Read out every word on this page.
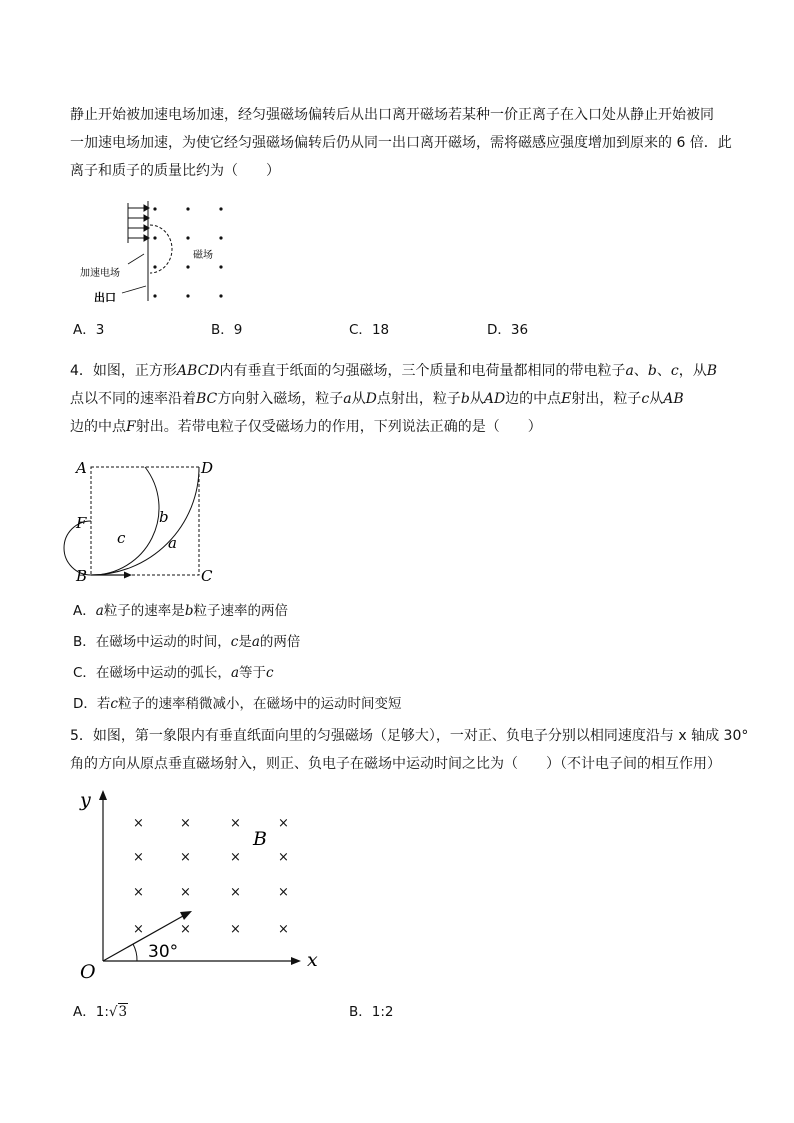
静止开始被加速电场加速，经匀强磁场偏转后从出口离开磁场若某种一价正离子在入口处从静止开始被同
一加速电场加速，为使它经匀强磁场偏转后仍从同一出口离开磁场，需将磁感应强度增加到原来的 6 倍．此
离子和质子的质量比约为（　　）
磁场
加速电场
出口
A．3	B．9	C．18	D．36
4．如图，正方形ABCD内有垂直于纸面的匀强磁场，三个质量和电荷量都相同的带电粒子a、b、c，从B
点以不同的速率沿着BC方向射入磁场，粒子a从D点射出，粒子b从AD边的中点E射出，粒子c从AB
边的中点F射出。若带电粒子仅受磁场力的作用，下列说法正确的是（　　）
A	D
F
B	C
c
b
a
A．a粒子的速率是b粒子速率的两倍
B．在磁场中运动的时间，c是a的两倍
C．在磁场中运动的弧长，a等于c
D．若c粒子的速率稍微减小，在磁场中的运动时间变短
5．如图，第一象限内有垂直纸面向里的匀强磁场（足够大），一对正、负电子分别以相同速度沿与 x 轴成 30°
角的方向从原点垂直磁场射入，则正、负电子在磁场中运动时间之比为（　　）（不计电子间的相互作用）
×	×	×	×
×	×	×	×
×	×	×	×
×	×	×	×
B
y
x
O
30°
A．1:√3	B．1:2
